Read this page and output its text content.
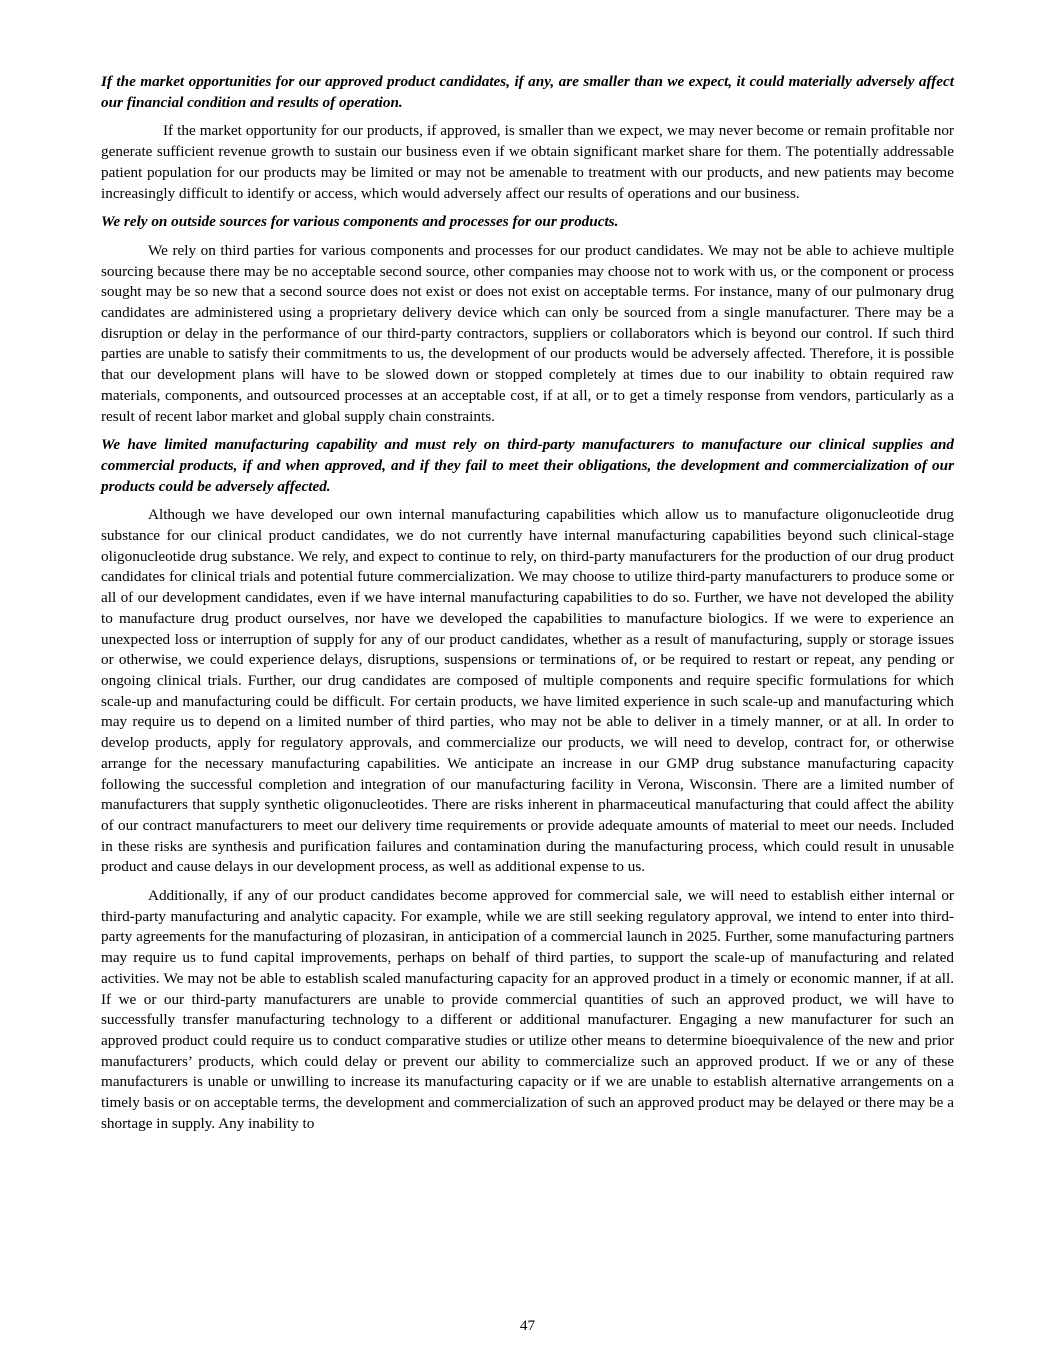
If the market opportunities for our approved product candidates, if any, are smaller than we expect, it could materially adversely affect our financial condition and results of operation.

If the market opportunity for our products, if approved, is smaller than we expect, we may never become or remain profitable nor generate sufficient revenue growth to sustain our business even if we obtain significant market share for them. The potentially addressable patient population for our products may be limited or may not be amenable to treatment with our products, and new patients may become increasingly difficult to identify or access, which would adversely affect our results of operations and our business.

We rely on outside sources for various components and processes for our products.

We rely on third parties for various components and processes for our product candidates. We may not be able to achieve multiple sourcing because there may be no acceptable second source, other companies may choose not to work with us, or the component or process sought may be so new that a second source does not exist or does not exist on acceptable terms. For instance, many of our pulmonary drug candidates are administered using a proprietary delivery device which can only be sourced from a single manufacturer. There may be a disruption or delay in the performance of our third-party contractors, suppliers or collaborators which is beyond our control. If such third parties are unable to satisfy their commitments to us, the development of our products would be adversely affected. Therefore, it is possible that our development plans will have to be slowed down or stopped completely at times due to our inability to obtain required raw materials, components, and outsourced processes at an acceptable cost, if at all, or to get a timely response from vendors, particularly as a result of recent labor market and global supply chain constraints.

We have limited manufacturing capability and must rely on third-party manufacturers to manufacture our clinical supplies and commercial products, if and when approved, and if they fail to meet their obligations, the development and commercialization of our products could be adversely affected.

Although we have developed our own internal manufacturing capabilities which allow us to manufacture oligonucleotide drug substance for our clinical product candidates, we do not currently have internal manufacturing capabilities beyond such clinical-stage oligonucleotide drug substance. We rely, and expect to continue to rely, on third-party manufacturers for the production of our drug product candidates for clinical trials and potential future commercialization. We may choose to utilize third-party manufacturers to produce some or all of our development candidates, even if we have internal manufacturing capabilities to do so. Further, we have not developed the ability to manufacture drug product ourselves, nor have we developed the capabilities to manufacture biologics. If we were to experience an unexpected loss or interruption of supply for any of our product candidates, whether as a result of manufacturing, supply or storage issues or otherwise, we could experience delays, disruptions, suspensions or terminations of, or be required to restart or repeat, any pending or ongoing clinical trials. Further, our drug candidates are composed of multiple components and require specific formulations for which scale-up and manufacturing could be difficult. For certain products, we have limited experience in such scale-up and manufacturing which may require us to depend on a limited number of third parties, who may not be able to deliver in a timely manner, or at all. In order to develop products, apply for regulatory approvals, and commercialize our products, we will need to develop, contract for, or otherwise arrange for the necessary manufacturing capabilities. We anticipate an increase in our GMP drug substance manufacturing capacity following the successful completion and integration of our manufacturing facility in Verona, Wisconsin. There are a limited number of manufacturers that supply synthetic oligonucleotides. There are risks inherent in pharmaceutical manufacturing that could affect the ability of our contract manufacturers to meet our delivery time requirements or provide adequate amounts of material to meet our needs. Included in these risks are synthesis and purification failures and contamination during the manufacturing process, which could result in unusable product and cause delays in our development process, as well as additional expense to us.

Additionally, if any of our product candidates become approved for commercial sale, we will need to establish either internal or third-party manufacturing and analytic capacity. For example, while we are still seeking regulatory approval, we intend to enter into third-party agreements for the manufacturing of plozasiran, in anticipation of a commercial launch in 2025. Further, some manufacturing partners may require us to fund capital improvements, perhaps on behalf of third parties, to support the scale-up of manufacturing and related activities. We may not be able to establish scaled manufacturing capacity for an approved product in a timely or economic manner, if at all. If we or our third-party manufacturers are unable to provide commercial quantities of such an approved product, we will have to successfully transfer manufacturing technology to a different or additional manufacturer. Engaging a new manufacturer for such an approved product could require us to conduct comparative studies or utilize other means to determine bioequivalence of the new and prior manufacturers’ products, which could delay or prevent our ability to commercialize such an approved product. If we or any of these manufacturers is unable or unwilling to increase its manufacturing capacity or if we are unable to establish alternative arrangements on a timely basis or on acceptable terms, the development and commercialization of such an approved product may be delayed or there may be a shortage in supply. Any inability to

47
